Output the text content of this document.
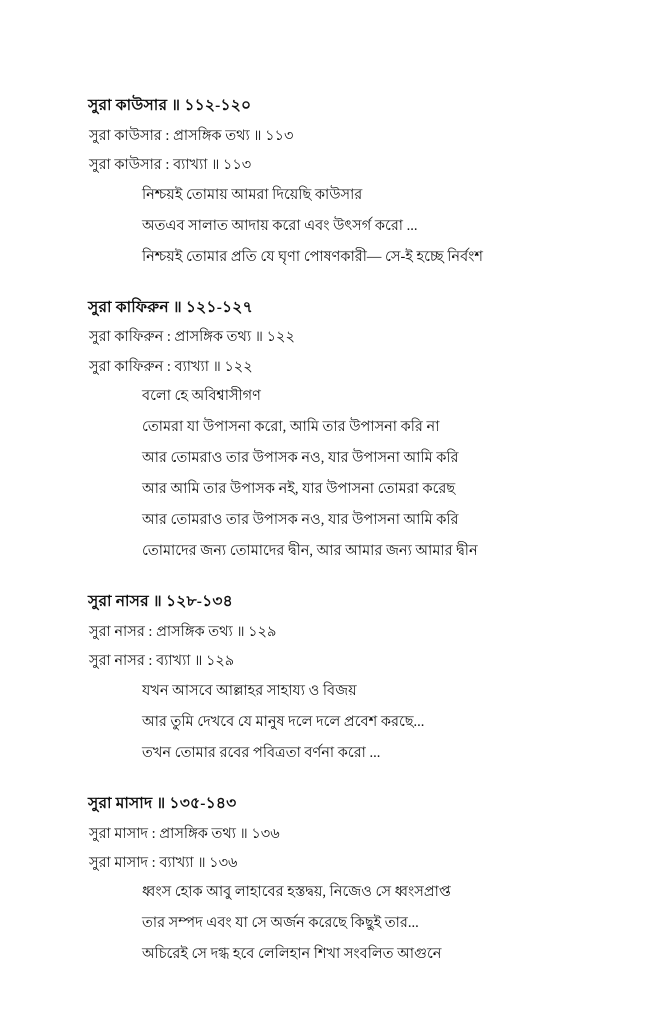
সুরা কাউসার ॥ ১১২-১২০

সুরা কাউসার : প্রাসঙ্গিক তথ্য ॥ ১১৩

সুরা কাউসার : ব্যাখ্যা ॥ ১১৩

নিশ্চয়ই তোমায় আমরা দিয়েছি কাউসার

অতএব সালাত আদায় করো এবং উৎসর্গ করো ...

নিশ্চয়ই তোমার প্রতি যে ঘৃণা পোষণকারী— সে-ই হচ্ছে নির্বংশ

সুরা কাফিরুন ॥ ১২১-১২৭

সুরা কাফিরুন : প্রাসঙ্গিক তথ্য ॥ ১২২

সুরা কাফিরুন : ব্যাখ্যা ॥ ১২২

বলো হে অবিশ্বাসীগণ

তোমরা যা উপাসনা করো, আমি তার উপাসনা করি না

আর তোমরাও তার উপাসক নও, যার উপাসনা আমি করি

আর আমি তার উপাসক নই, যার উপাসনা তোমরা করেছ

আর তোমরাও তার উপাসক নও, যার উপাসনা আমি করি

তোমাদের জন্য তোমাদের দ্বীন, আর আমার জন্য আমার দ্বীন

সুরা নাসর ॥ ১২৮-১৩৪

সুরা নাসর : প্রাসঙ্গিক তথ্য ॥ ১২৯

সুরা নাসর : ব্যাখ্যা ॥ ১২৯

যখন আসবে আল্লাহর সাহায্য ও বিজয়

আর তুমি দেখবে যে মানুষ দলে দলে প্রবেশ করছে...

তখন তোমার রবের পবিত্রতা বর্ণনা করো ...

সুরা মাসাদ ॥ ১৩৫-১৪৩

সুরা মাসাদ : প্রাসঙ্গিক তথ্য ॥ ১৩৬

সুরা মাসাদ : ব্যাখ্যা ॥ ১৩৬

ধ্বংস হোক আবু লাহাবের হস্তদ্বয়, নিজেও সে ধ্বংসপ্রাপ্ত

তার সম্পদ এবং যা সে অর্জন করেছে কিছুই তার...

অচিরেই সে দগ্ধ হবে লেলিহান শিখা সংবলিত আগুনে
